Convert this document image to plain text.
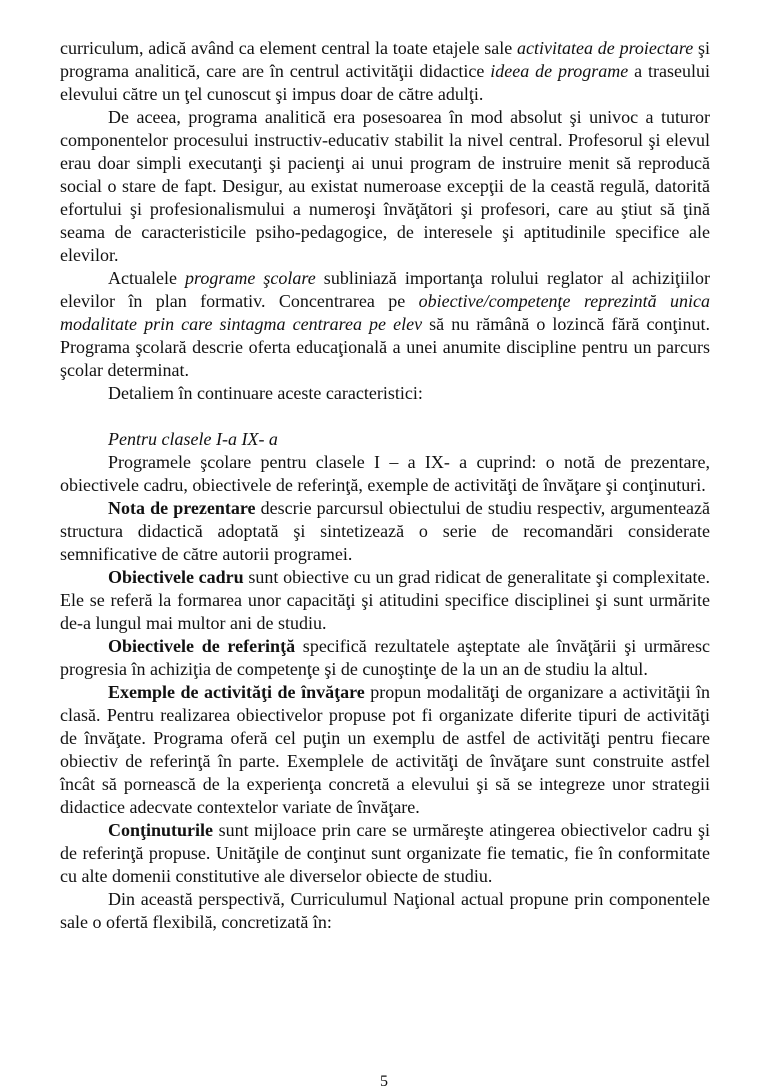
curriculum, adică având ca element central la toate etajele sale activitatea de proiectare şi programa analitică, care are în centrul activităţii didactice ideea de programe a traseului elevului către un ţel cunoscut şi impus doar de către adulţi.

De aceea, programa analitică era posesoarea în mod absolut şi univoc a tuturor componentelor procesului instructiv-educativ stabilit la nivel central. Profesorul şi elevul erau doar simpli executanţi şi pacienţi ai unui program de instruire menit să reproducă social o stare de fapt. Desigur, au existat numeroase excepţii de la ceastă regulă, datorită efortului şi profesionalismului a numeroşi învăţători şi profesori, care au ştiut să ţină seama de caracteristicile psiho-pedagogice, de interesele şi aptitudinile specifice ale elevilor.

Actualele programe şcolare subliniază importanţa rolului reglator al achiziţiilor elevilor în plan formativ. Concentrarea pe obiective/competenţe reprezintă unica modalitate prin care sintagma centrarea pe elev să nu rămână o lozincă fără conţinut. Programa şcolară descrie oferta educaţională a unei anumite discipline pentru un parcurs şcolar determinat.

Detaliem în continuare aceste caracteristici:

Pentru clasele I-a IX- a

Programele şcolare pentru clasele I – a IX- a cuprind: o notă de prezentare, obiectivele cadru, obiectivele de referinţă, exemple de activităţi de învăţare şi conţinuturi.

Nota de prezentare descrie parcursul obiectului de studiu respectiv, argumentează structura didactică adoptată şi sintetizează o serie de recomandări considerate semnificative de către autorii programei.

Obiectivele cadru sunt obiective cu un grad ridicat de generalitate şi complexitate. Ele se referă la formarea unor capacităţi şi atitudini specifice disciplinei şi sunt urmărite de-a lungul mai multor ani de studiu.

Obiectivele de referinţă specifică rezultatele aşteptate ale învăţării şi urmăresc progresia în achiziţia de competenţe şi de cunoştinţe de la un an de studiu la altul.

Exemple de activităţi de învăţare propun modalităţi de organizare a activităţii în clasă. Pentru realizarea obiectivelor propuse pot fi organizate diferite tipuri de activităţi de învăţate. Programa oferă cel puţin un exemplu de astfel de activităţi pentru fiecare obiectiv de referinţă în parte. Exemplele de activităţi de învăţare sunt construite astfel încât să pornească de la experienţa concretă a elevului şi să se integreze unor strategii didactice adecvate contextelor variate de învăţare.

Conţinuturile sunt mijloace prin care se urmăreşte atingerea obiectivelor cadru şi de referinţă propuse. Unităţile de conţinut sunt organizate fie tematic, fie în conformitate cu alte domenii constitutive ale diverselor obiecte de studiu.

Din această perspectivă, Curriculumul Naţional actual propune prin componentele sale o ofertă flexibilă, concretizată în:

5
